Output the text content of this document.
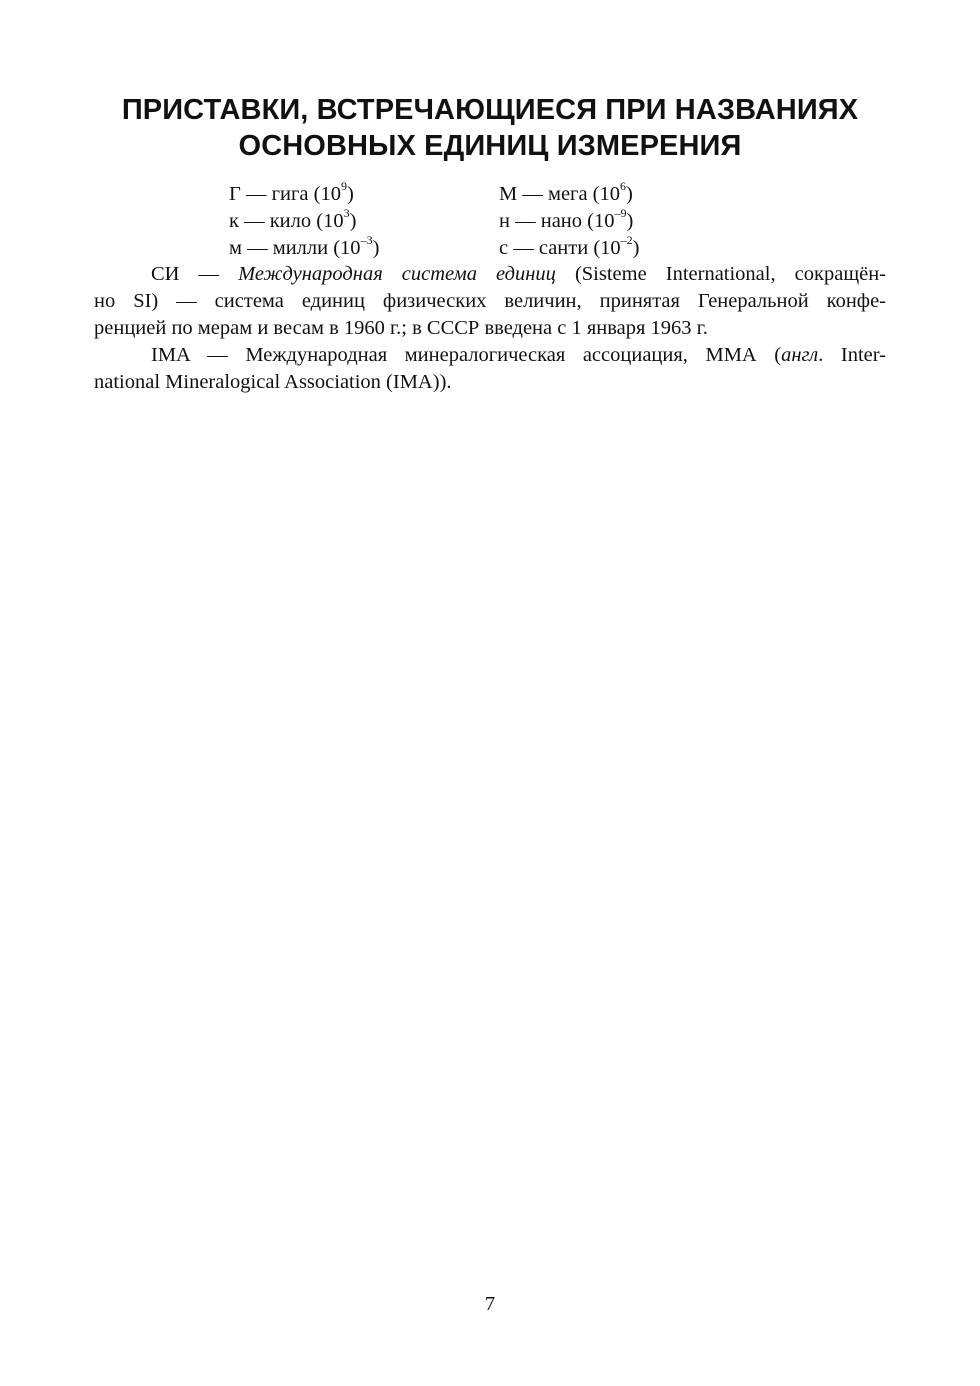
ПРИСТАВКИ, ВСТРЕЧАЮЩИЕСЯ ПРИ НАЗВАНИЯХ
ОСНОВНЫХ ЕДИНИЦ ИЗМЕРЕНИЯ
Г — гига $(10^9)$	М — мега $(10^6)$
к — кило $(10^3)$	н — нано $(10^{-9})$
м — милли $(10^{-3})$	с — санти $(10^{-2})$

СИ — Международная система единиц (Sisteme International, сокращён-
но SI) — система единиц физических величин, принятая Генеральной конфе-
ренцией по мерам и весам в 1960 г.; в СССР введена с 1 января 1963 г.

IMA — Международная минералогическая ассоциация, ММА (англ. Inter-
national Mineralogical Association (IMA)).

7
